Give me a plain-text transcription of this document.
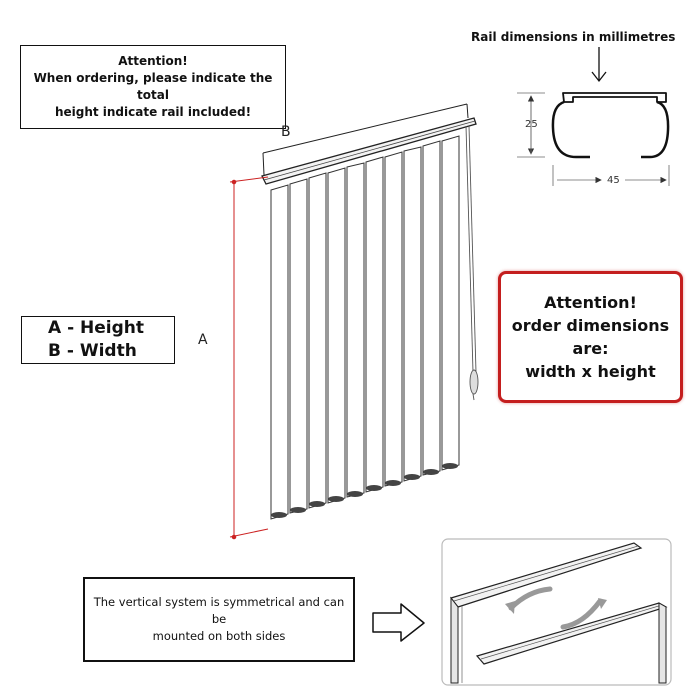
Attention!
When ordering, please indicate the total
height indicate rail included!
Rail dimensions in millimetres
A - Height
B - Width
Attention!
order dimensions
are:
width x height
The vertical system is symmetrical and can be
mounted on both sides
B
A
25
45
